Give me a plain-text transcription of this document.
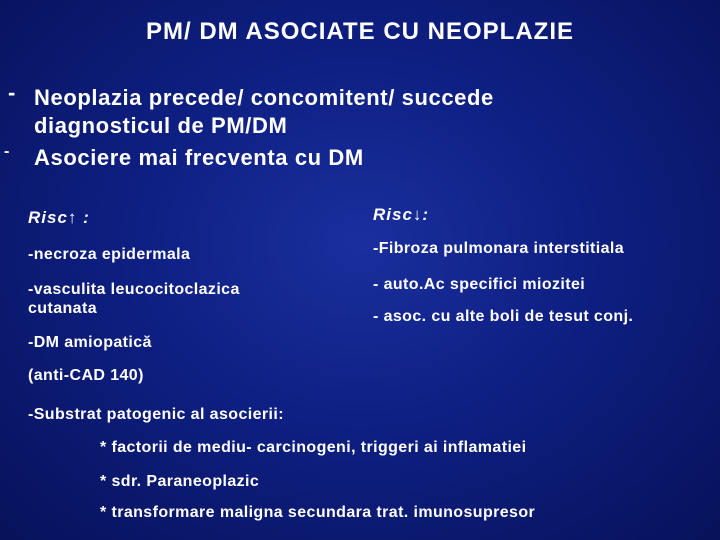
PM/ DM ASOCIATE CU NEOPLAZIE
- Neoplazia precede/ concomitent/ succede diagnosticul de PM/DM
- Asociere mai frecventa cu DM
Risc↑ :
-necroza epidermala
-vasculita leucocitoclazica cutanata
-DM amiopatică
(anti-CAD 140)
Risc↓:
-Fibroza pulmonara interstitiala
- auto.Ac specifici miozitei
- asoc. cu alte boli de tesut conj.
-Substrat patogenic al asocierii:
* factorii de mediu- carcinogeni, triggeri ai inflamatiei
* sdr. Paraneoplazic
* transformare maligna secundara trat. imunosupresor
